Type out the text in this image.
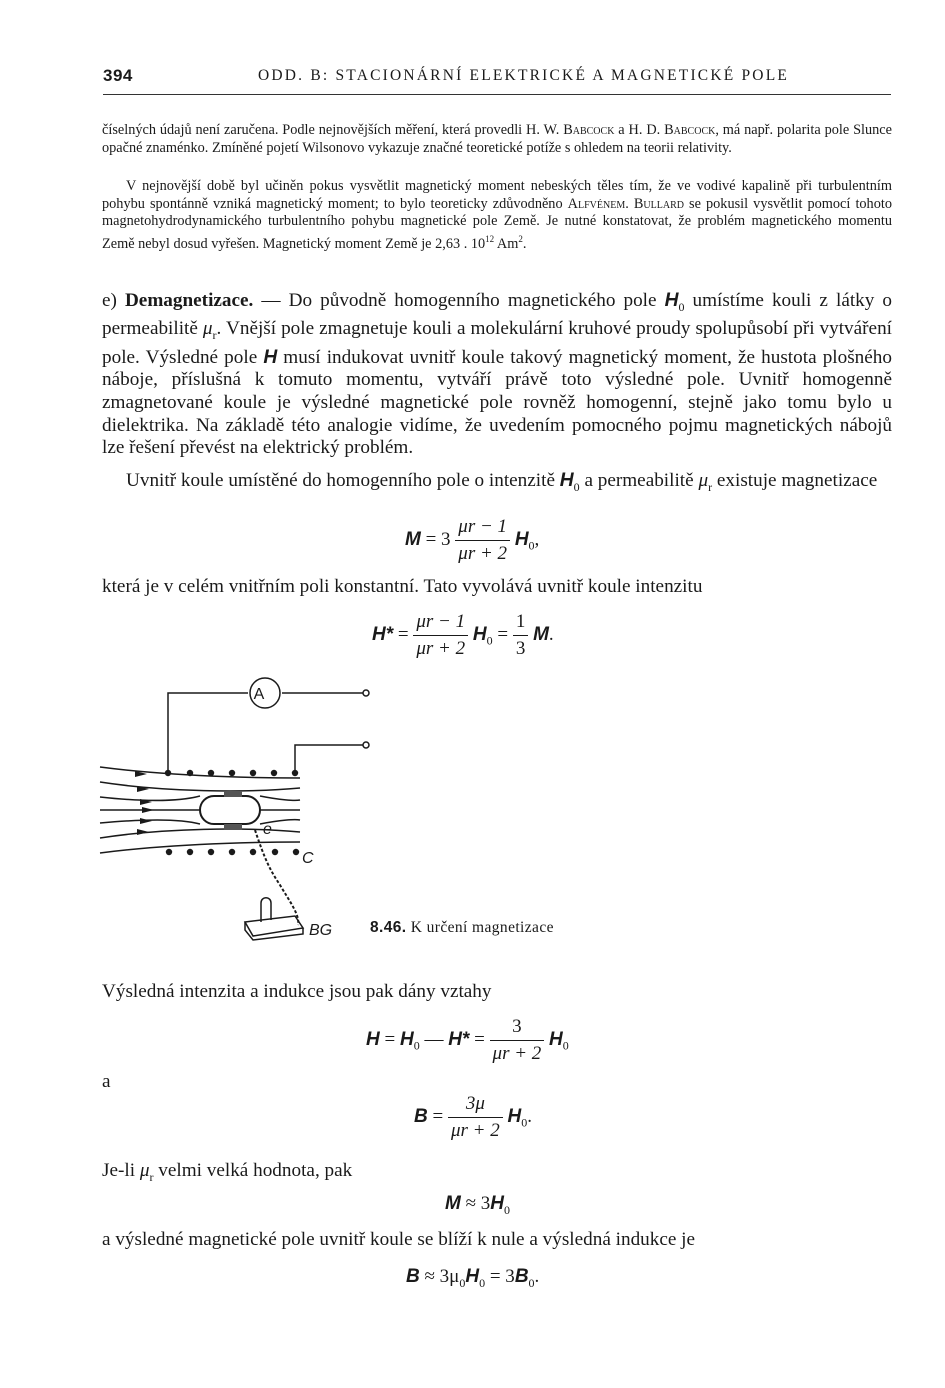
394	ODD. B: STACIONÁRNÍ ELEKTRICKÉ A MAGNETICKÉ POLE

číselných údajů není zaručena. Podle nejnovějších měření, která provedli H. W. Babcock a H. D. Babcock, má např. polarita pole Slunce opačné znaménko. Zmíněné pojetí Wilsonovo vykazuje značné teoretické potíže s ohledem na teorii relativity.

V nejnovější době byl učiněn pokus vysvětlit magnetický moment nebeských těles tím, že ve vodivé kapalině při turbulentním pohybu spontánně vzniká magnetický moment; to bylo teoreticky zdůvodněno Alfvénem. Bullard se pokusil vysvětlit pomocí tohoto magnetohydrodynamického turbulentního pohybu magnetické pole Země. Je nutné konstatovat, že problém magnetického momentu Země nebyl dosud vyřešen. Magnetický moment Země je 2,63 . $10^{12}$ Am$^2$.

e) Demagnetizace. — Do původně homogenního magnetického pole $H_0$ umístíme kouli z látky o permeabilitě $\mu_r$. Vnější pole zmagnetuje kouli a molekulární kruhové proudy spolupůsobí při vytváření pole. Výsledné pole H musí indukovat uvnitř koule takový magnetický moment, že hustota plošného náboje, příslušná k tomuto momentu, vytváří právě toto výsledné pole. Uvnitř homogenně zmagnetované koule je výsledné magnetické pole rovněž homogenní, stejně jako tomu bylo u dielektrika. Na základě této analogie vidíme, že uvedením pomocného pojmu magnetických nábojů lze řešení převést na elektrický problém.

Uvnitř koule umístěné do homogenního pole o intenzitě $H_0$ a permeabilitě $\mu_r$ existuje magnetizace

$M = 3 \frac{\mu r - 1}{\mu r + 2} H_0$,

která je v celém vnitřním poli konstantní. Tato vyvolává uvnitř koule intenzitu

$H* = \frac{\mu r - 1}{\mu r + 2} H_0 = \frac{1}{3} M$.
A
e
C
BG 8.46. K určení magnetizace

Výsledná intenzita a indukce jsou pak dány vztahy

$H = H_0$ — $H* = \frac{3}{\mu r + 2} H_0$

a

$B = \frac{3\mu}{\mu r + 2} H_0$.

Je-li $\mu_r$ velmi velká hodnota, pak

$M \approx 3H_0$

a výsledné magnetické pole uvnitř koule se blíží k nule a výsledná indukce je

$B \approx 3\mu_0H_0 = 3B_0$.
